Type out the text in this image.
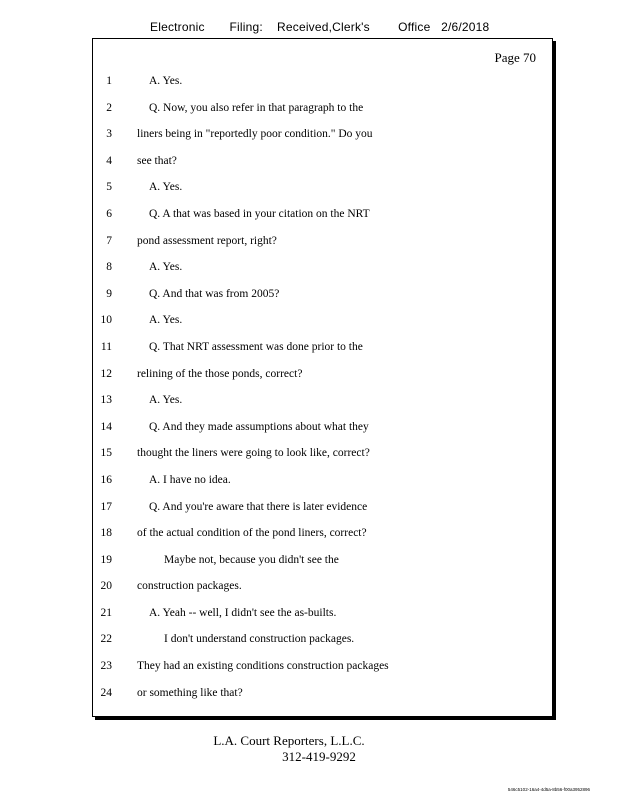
Electronic Filing: Received,Clerk's Office 2/6/2018
Page 70
1	A. Yes.
2	Q. Now, you also refer in that paragraph to the
3 liners being in "reportedly poor condition." Do you
4 see that?
5	A. Yes.
6	Q. A that was based in your citation on the NRT
7 pond assessment report, right?
8	A. Yes.
9	Q. And that was from 2005?
10	A. Yes.
11	Q. That NRT assessment was done prior to the
12 relining of the those ponds, correct?
13	A. Yes.
14	Q. And they made assumptions about what they
15 thought the liners were going to look like, correct?
16	A. I have no idea.
17	Q. And you're aware that there is later evidence
18 of the actual condition of the pond liners, correct?
19	Maybe not, because you didn't see the
20 construction packages.
21	A. Yeah -- well, I didn't see the as-builts.
22	I don't understand construction packages.
23 They had an existing conditions construction packages
24 or something like that?
L.A. Court Reporters, L.L.C.
312-419-9292
546c5102-16a4-4d5a-8b56-f00a3952896
